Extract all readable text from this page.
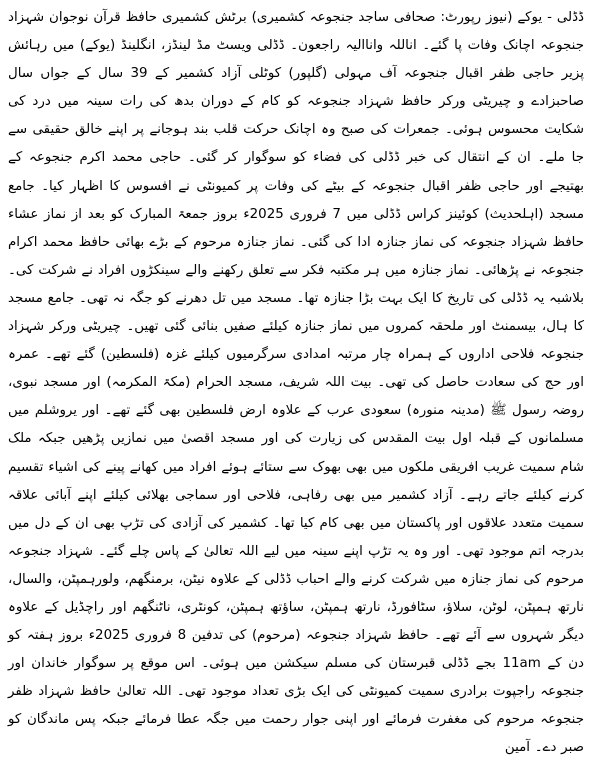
ڈڈلی - یوکے (نیوز رپورٹ: صحافی ساجد جنجوعہ کشمیری) برٹش کشمیری حافظ قرآن نوجوان شہزاد جنجوعہ اچانک وفات پا گئے۔ اناللہ واناالیہ راجعون۔ ڈڈلی ویسٹ مڈ لینڈز، انگلینڈ (یوکے) میں رہائش پزیر حاجی ظفر اقبال جنجوعہ آف مہولی (گلپور) کوٹلی آزاد کشمیر کے 39 سال کے جواں سال صاحبزادے و چیریٹی ورکر حافظ شہزاد جنجوعہ کو کام کے دوران بدھ کی رات سینہ میں درد کی شکایت محسوس ہوئی۔ جمعرات کی صبح وہ اچانک حرکت قلب بند ہوجانے پر اپنے خالق حقیقی سے جا ملے۔ ان کے انتقال کی خبر ڈڈلی کی فضاء کو سوگوار کر گئی۔ حاجی محمد اکرم جنجوعہ کے بھتیجے اور حاجی ظفر اقبال جنجوعہ کے بیٹے کی وفات پر کمیونٹی نے افسوس کا اظہار کیا۔ جامع مسجد (اہلحدیث) کوئینز کراس ڈڈلی میں 7 فروری 2025ء بروز جمعۃ المبارک کو بعد از نماز عشاء حافظ شہزاد جنجوعہ کی نماز جنازہ ادا کی گئی۔ نماز جنازہ مرحوم کے بڑے بھائی حافظ محمد اکرام جنجوعہ نے پڑھائی۔ نماز جنازہ میں ہر مکتبہ فکر سے تعلق رکھنے والے سینکڑوں افراد نے شرکت کی۔ بلاشبہ یہ ڈڈلی کی تاریخ کا ایک بہت بڑا جنازہ تھا۔ مسجد میں تل دھرنے کو جگہ نہ تھی۔ جامع مسجد کا ہال، بیسمنٹ اور ملحقہ کمروں میں نماز جنازہ کیلئے صفیں بنائی گئی تھیں۔ چیریٹی ورکر شہزاد جنجوعہ فلاحی اداروں کے ہمراہ چار مرتبہ امدادی سرگرمیوں کیلئے غزہ (فلسطین) گئے تھے۔ عمرہ اور حج کی سعادت حاصل کی تھی۔ بیت اللہ شریف، مسجد الحرام (مکۃ المکرمہ) اور مسجد نبوی، روضہ رسول ﷺ (مدینہ منورہ) سعودی عرب کے علاوہ ارض فلسطین بھی گئے تھے۔ اور یروشلم میں مسلمانوں کے قبلہ اول بیت المقدس کی زیارت کی اور مسجد اقصیٰ میں نمازیں پڑھیں جبکہ ملک شام سمیت غریب افریقی ملکوں میں بھی بھوک سے ستائے ہوئے افراد میں کھانے پینے کی اشیاء تقسیم کرنے کیلئے جاتے رہے۔ آزاد کشمیر میں بھی رفاہی، فلاحی اور سماجی بھلائی کیلئے اپنے آبائی علاقہ سمیت متعدد علاقوں اور پاکستان میں بھی کام کیا تھا۔ کشمیر کی آزادی کی تڑپ بھی ان کے دل میں بدرجہ اتم موجود تھی۔ اور وہ یہ تڑپ اپنے سینہ میں لیے اللہ تعالیٰ کے پاس چلے گئے۔ شہزاد جنجوعہ مرحوم کی نماز جنازہ میں شرکت کرنے والے احباب ڈڈلی کے علاوہ نیٹن، برمنگھم، ولورہمپٹن، والسال، نارتھ ہمپٹن، لوٹن، سلاؤ، سٹافورڈ، نارتھ ہمپٹن، ساؤتھ ہمپٹن، کونٹری، ناٹنگھم اور راچڈیل کے علاوہ دیگر شہروں سے آئے تھے۔ حافظ شہزاد جنجوعہ (مرحوم) کی تدفین 8 فروری 2025ء بروز ہفتہ کو دن کے 11am بجے ڈڈلی قبرستان کی مسلم سیکشن میں ہوئی۔ اس موقع پر سوگوار خاندان اور جنجوعہ راجپوت برادری سمیت کمیونٹی کی ایک بڑی تعداد موجود تھی۔ اللہ تعالیٰ حافظ شہزاد ظفر جنجوعہ مرحوم کی مغفرت فرمائے اور اپنی جوار رحمت میں جگہ عطا فرمائے جبکہ پس ماندگان کو صبر دے۔ آمین
